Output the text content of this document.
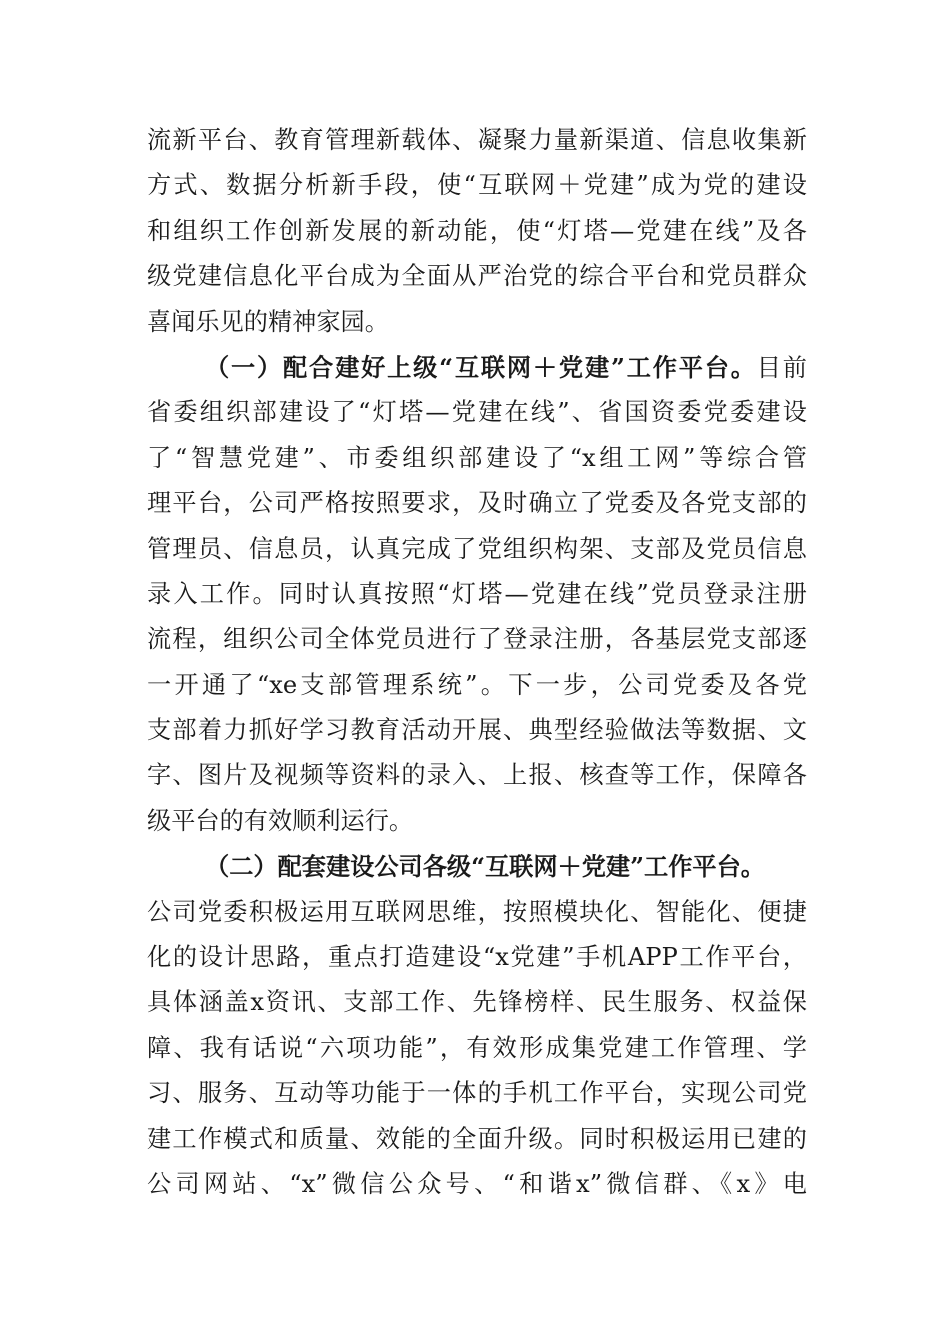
流新平台、教育管理新载体、凝聚力量新渠道、信息收集新
方式、数据分析新手段，使“互联网＋党建”成为党的建设
和组织工作创新发展的新动能，使“灯塔—党建在线”及各
级党建信息化平台成为全面从严治党的综合平台和党员群众
喜闻乐见的精神家园。
（一）配合建好上级“互联网＋党建”工作平台。目前
省委组织部建设了“灯塔—党建在线”、省国资委党委建设
了“智慧党建”、市委组织部建设了“x组工网”等综合管
理平台，公司严格按照要求，及时确立了党委及各党支部的
管理员、信息员，认真完成了党组织构架、支部及党员信息
录入工作。同时认真按照“灯塔—党建在线”党员登录注册
流程，组织公司全体党员进行了登录注册，各基层党支部逐
一开通了“xe支部管理系统”。下一步，公司党委及各党
支部着力抓好学习教育活动开展、典型经验做法等数据、文
字、图片及视频等资料的录入、上报、核查等工作，保障各
级平台的有效顺利运行。
（二）配套建设公司各级“互联网＋党建”工作平台。
公司党委积极运用互联网思维，按照模块化、智能化、便捷
化的设计思路，重点打造建设“x党建”手机APP工作平台，
具体涵盖x资讯、支部工作、先锋榜样、民生服务、权益保
障、我有话说“六项功能”，有效形成集党建工作管理、学
习、服务、互动等功能于一体的手机工作平台，实现公司党
建工作模式和质量、效能的全面升级。同时积极运用已建的
公司网站、“x”微信公众号、“和谐x”微信群、《x》电
